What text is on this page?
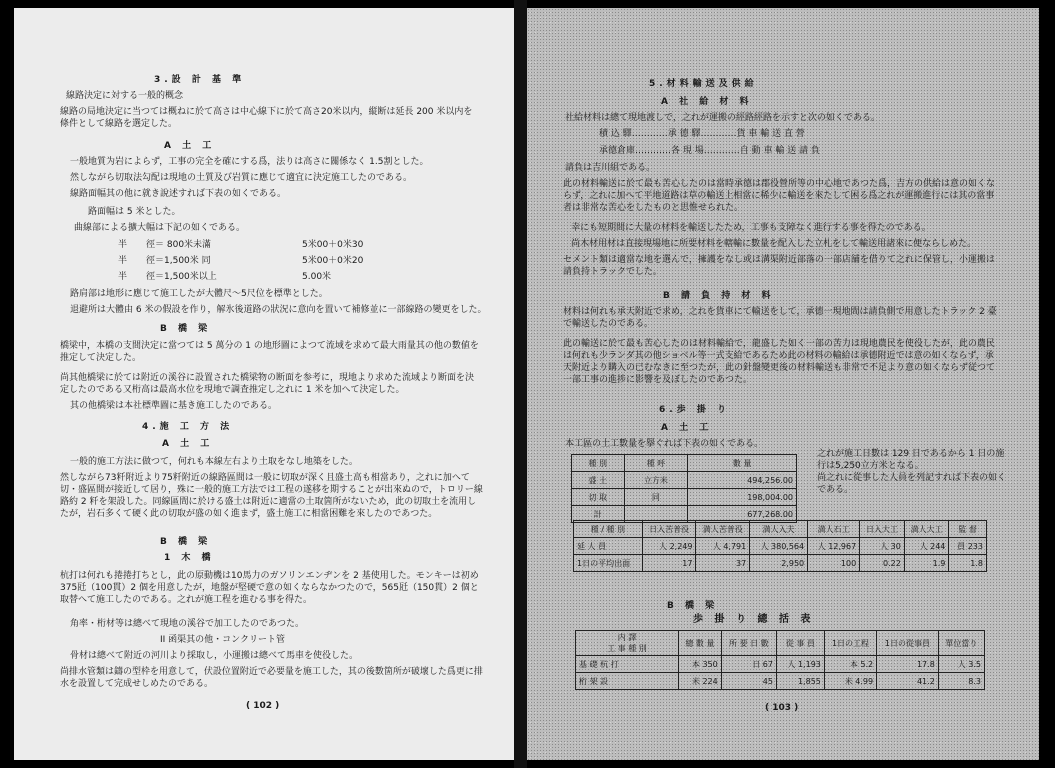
3.設 計 基 準
線路決定に対する一般的概念
線路の局地決定に当つては概ねに於て高さは中心線下に於て高さ20米以内，縦断は延長 200 米以内を條件として線路を選定した。
A 土 工
一般地質为岩によらず，工事の完全を確にする爲，法りは高さに關係なく 1.5割とした。
然しながら切取法勾配は現地の土質及び岩質に應じて適宜に決定施工したのである。
線路面幅其の他に就き說述すれば下表の如くである。
路面幅は 5 米とした。
曲線部による擴大幅は下記の如くである。
半 徑＝ 800米未滿	5米00＋0米30
半 徑＝1,500米 同	5米00＋0米20
半 徑＝1,500米以上	5.00米
路肩部は地形に應じて施工したが大體尺〜5尺位を標準とした。
退避所は大體由 6 米の假設を作り，解氷後道路の狀況に意向を置いて補修並に一部線路の變更をした。
B 橋 梁
橋梁中，本橋の支間決定に當つては 5 萬分の 1 の地形圖によつて流域を求めて最大雨量其の他の數値を推定して決定した。
尚其他橋梁に於ては附近の溪谷に設置された橋梁物の断面を参考に，現地より求めた流域より断面を決定したのである又桁高は最高水位を現地で調査推定し之れに 1 米を加へて決定した。
其の他橋梁は本社標準圖に基き施工したのである。
4.施 工 方 法
A 土 工
一般的施工方法に做つて，何れも本線左右より土取をなし地築をした。
然しながら73粁附近より75粁附近の線路區間は一般に切取が深く且盛土高も相當あり，之れに加へて切・盛區間が接近して居り，殊に一般的施工方法では工程の遂移を期することが出來ぬので，トロリー線路約 2 粁を架設した。同線區間に於ける盛土は附近に適當の土取箇所がないため，此の切取土を流用したが，岩石多くて硬く此の切取が盛の如く進まず，盛土施工に相當困難を來したのであつた。
B 橋 梁
1 木 橋
杭打は何れも捲捲打ちとし，此の原動機は10馬力のガソリンエンヂンを 2 基使用した。モンキーは初め 375瓩（100貫）2 個を用意したが，地盤が堅硬で意の如くならなかつたので，565瓩（150貫）2 個と取替へて施工したのである。之れが施工程を進むる事を得た。
角率・桁材等は總べて現地の溪谷で加工したのであつた。
II 函渠其の他・コンクリート管
骨材は總べて附近の河川より採取し，小運搬は總べて馬車を使役した。
尚排水管類は鑄の型枠を用意して，伏設位置附近で必要量を施工した，其の後數箇所が破壞した爲更に排水を設置して完成せしめたのである。
( 102 )
5.材料輸送及供給
A 社 給 材 料
社給材料は總て現地渡しで，之れが運搬の經路經路を示すと次の如くである。
積 込 驛…………承 德 驛…………貨 車 輸 送 直 營
承德倉庫…………各 現 場…………自 動 車 輸 送 請 負
請負は吉川組である。
此の材料輸送に於て最も苦心したのは當時承德は郡役營所等の中心地であつた爲，吉方の供給は意の如くならず，之れに加へて平地道路は草の輸送上相當に稀少に輸送を來たして困る爲之れが運搬進行には其の當事者は非常な苦心をしたものと思惟せられた。
幸にも短期間に大量の材料を輸送したため，工事も支障なく進行する事を得たのである。
尚木材用材は直接現場地に所要材料を轄輸に數量を配入した立札をして輸送用諸來に便ならしめた。
セメント類は適當な地を選んで，擁護をなし或は溝渠附近部落の一部店舗を借りて之れに保管し，小運搬は請負持トラックでした。
B 請 負 持 材 料
材料は何れも承天附近で求め，之れを貨車にて輸送をして，承德一現地間は請負側で用意したトラック 2 臺で輸送したのである。
此の輸送に於て最も苦心したのは材料輸給で，龍盛した如く一部の苦力は現地農民を使役したが，此の農民は何れも少ランダ其の他ショベル等一式支給であるため此の材料の輸給は承德附近では意の如くならず，承天附近より購入の已むなきに至つたが，此の針盤變更後の材料輸送も非常で不足より意の如くならず従つて一部工事の進捗に影響を及ぼしたのであつた。
6.歩 掛 り
A 土 工
本工區の土工數量を擧ぐれば下表の如くである。
之れが施工日數は 129 日であるから 1 日の施行は5,250立方米となる。
尚之れに從事した人員を列記すれば下表の如くである。
種 別	種 呼	數 量
盛 土	立方米	494,256.00
切 取	同	198,004.00
計		677,268.00
種 / 種 別	日入苦普役	満人苦普役	満人入夫	満人石工	日入大工	満人大工	監 督
延 人 員	人 2,249	人 4,791	人 380,564	人 12,967	人 30	人 244	員 233
1日の平均出面	17	37	2,950	100	0.22	1.9	1.8
B 橋 梁
歩 掛 り 總 括 表
内 譯
工 事 種 別	總 數 量	所 要 日 數	從 事 員	1日の工程	1日の從事員	單位當り
基 礎 杭 打	本 350	日 67	人 1,193	本 5.2	17.8	人 3.5
桁 架 設	米 224	45	1,855	米 4.99	41.2	8.3
( 103 )
